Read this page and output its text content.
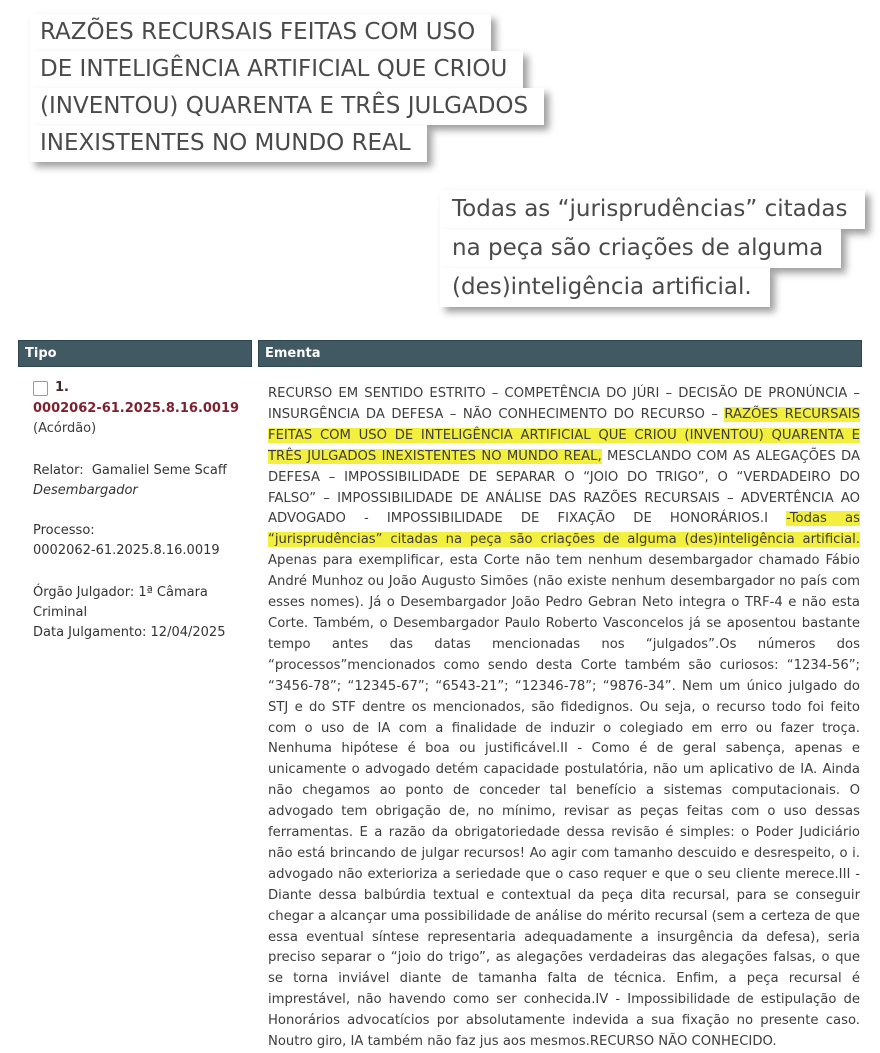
RAZÕES RECURSAIS FEITAS COM USO
DE INTELIGÊNCIA ARTIFICIAL QUE CRIOU
(INVENTOU) QUARENTA E TRÊS JULGADOS
INEXISTENTES NO MUNDO REAL
Todas as “jurisprudências” citadas
na peça são criações de alguma
(des)inteligência artificial.
Tipo	Ementa
1.
0002062-61.2025.8.16.0019
(Acórdão)
Relator: Gamaliel Seme Scaff
Desembargador
Processo:
0002062-61.2025.8.16.0019
Órgão Julgador: 1ª Câmara Criminal
Data Julgamento: 12/04/2025
RECURSO EM SENTIDO ESTRITO – COMPETÊNCIA DO JÚRI – DECISÃO DE PRONÚNCIA – INSURGÊNCIA DA DEFESA – NÃO CONHECIMENTO DO RECURSO – RAZÕES RECURSAIS FEITAS COM USO DE INTELIGÊNCIA ARTIFICIAL QUE CRIOU (INVENTOU) QUARENTA E TRÊS JULGADOS INEXISTENTES NO MUNDO REAL, MESCLANDO COM AS ALEGAÇÕES DA DEFESA – IMPOSSIBILIDADE DE SEPARAR O “JOIO DO TRIGO”, O “VERDADEIRO DO FALSO” – IMPOSSIBILIDADE DE ANÁLISE DAS RAZÕES RECURSAIS – ADVERTÊNCIA AO ADVOGADO - IMPOSSIBILIDADE DE FIXAÇÃO DE HONORÁRIOS.I -Todas as “jurisprudências” citadas na peça são criações de alguma (des)inteligência artificial. Apenas para exemplificar, esta Corte não tem nenhum desembargador chamado Fábio André Munhoz ou João Augusto Simões (não existe nenhum desembargador no país com esses nomes). Já o Desembargador João Pedro Gebran Neto integra o TRF-4 e não esta Corte. Também, o Desembargador Paulo Roberto Vasconcelos já se aposentou bastante tempo antes das datas mencionadas nos “julgados”.Os números dos “processos”mencionados como sendo desta Corte também são curiosos: “1234-56”; “3456-78”; “12345-67”; “6543-21”; “12346-78”; “9876-34”. Nem um único julgado do STJ e do STF dentre os mencionados, são fidedignos. Ou seja, o recurso todo foi feito com o uso de IA com a finalidade de induzir o colegiado em erro ou fazer troça. Nenhuma hipótese é boa ou justificável.II - Como é de geral sabença, apenas e unicamente o advogado detém capacidade postulatória, não um aplicativo de IA. Ainda não chegamos ao ponto de conceder tal benefício a sistemas computacionais. O advogado tem obrigação de, no mínimo, revisar as peças feitas com o uso dessas ferramentas. E a razão da obrigatoriedade dessa revisão é simples: o Poder Judiciário não está brincando de julgar recursos! Ao agir com tamanho descuido e desrespeito, o i. advogado não exterioriza a seriedade que o caso requer e que o seu cliente merece.III - Diante dessa balbúrdia textual e contextual da peça dita recursal, para se conseguir chegar a alcançar uma possibilidade de análise do mérito recursal (sem a certeza de que essa eventual síntese representaria adequadamente a insurgência da defesa), seria preciso separar o “joio do trigo”, as alegações verdadeiras das alegações falsas, o que se torna inviável diante de tamanha falta de técnica. Enfim, a peça recursal é imprestável, não havendo como ser conhecida.IV - Impossibilidade de estipulação de Honorários advocatícios por absolutamente indevida a sua fixação no presente caso. Noutro giro, IA também não faz jus aos mesmos.RECURSO NÃO CONHECIDO.
